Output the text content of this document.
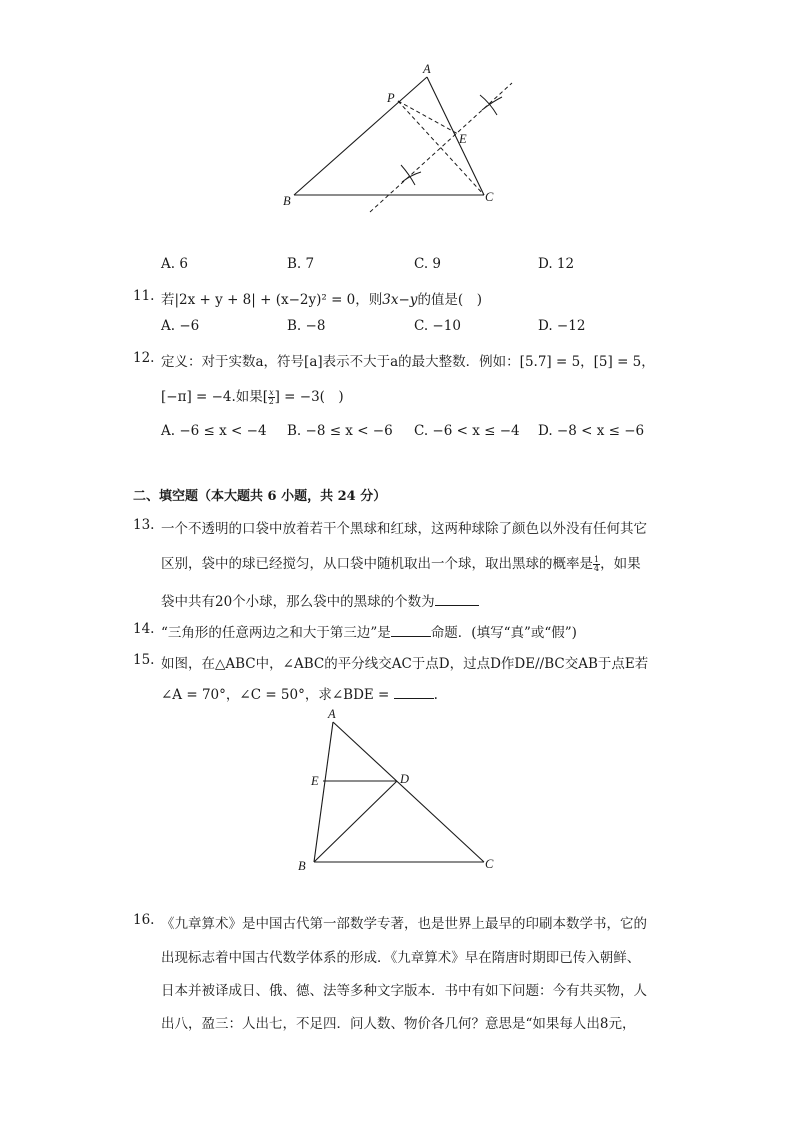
A
P
E
B	C
A. 6	B. 7	C. 9	D. 12
11. 若|2x + y + 8| + (x−2y)² = 0，则3x−y的值是(　)
A. −6	B. −8	C. −10	D. −12
12. 定义：对于实数a，符号[a]表示不大于a的最大整数．例如：[5.7] = 5，[5] = 5，
[−π] = −4.如果[ $\frac{x}{2}$ ] = −3(　)
A. −6 ≤ x < −4 B. −8 ≤ x < −6 C. −6 < x ≤ −4 D. −8 < x ≤ −6
二、填空题（本大题共 6 小题，共 24 分）
13. 一个不透明的口袋中放着若干个黑球和红球，这两种球除了颜色以外没有任何其它
区别，袋中的球已经搅匀，从口袋中随机取出一个球，取出黑球的概率是 $\frac{1}{4}$ ，如果
袋中共有20个小球，那么袋中的黑球的个数为
14. “三角形的任意两边之和大于第三边”是	命题．(填写“真”或“假”)
15. 如图，在△ABC中，∠ABC的平分线交AC于点D，过点D作DE//BC交AB于点E若
∠A = 70°，∠C = 50°，求∠BDE =	.
A
E	D
B	C
16. 《九章算术》是中国古代第一部数学专著，也是世界上最早的印刷本数学书，它的
出现标志着中国古代数学体系的形成．《九章算术》早在隋唐时期即已传入朝鲜、
日本并被译成日、俄、德、法等多种文字版本．书中有如下问题：今有共买物，人
出八，盈三：人出七，不足四．问人数、物价各几何？意思是“如果每人出8元，
